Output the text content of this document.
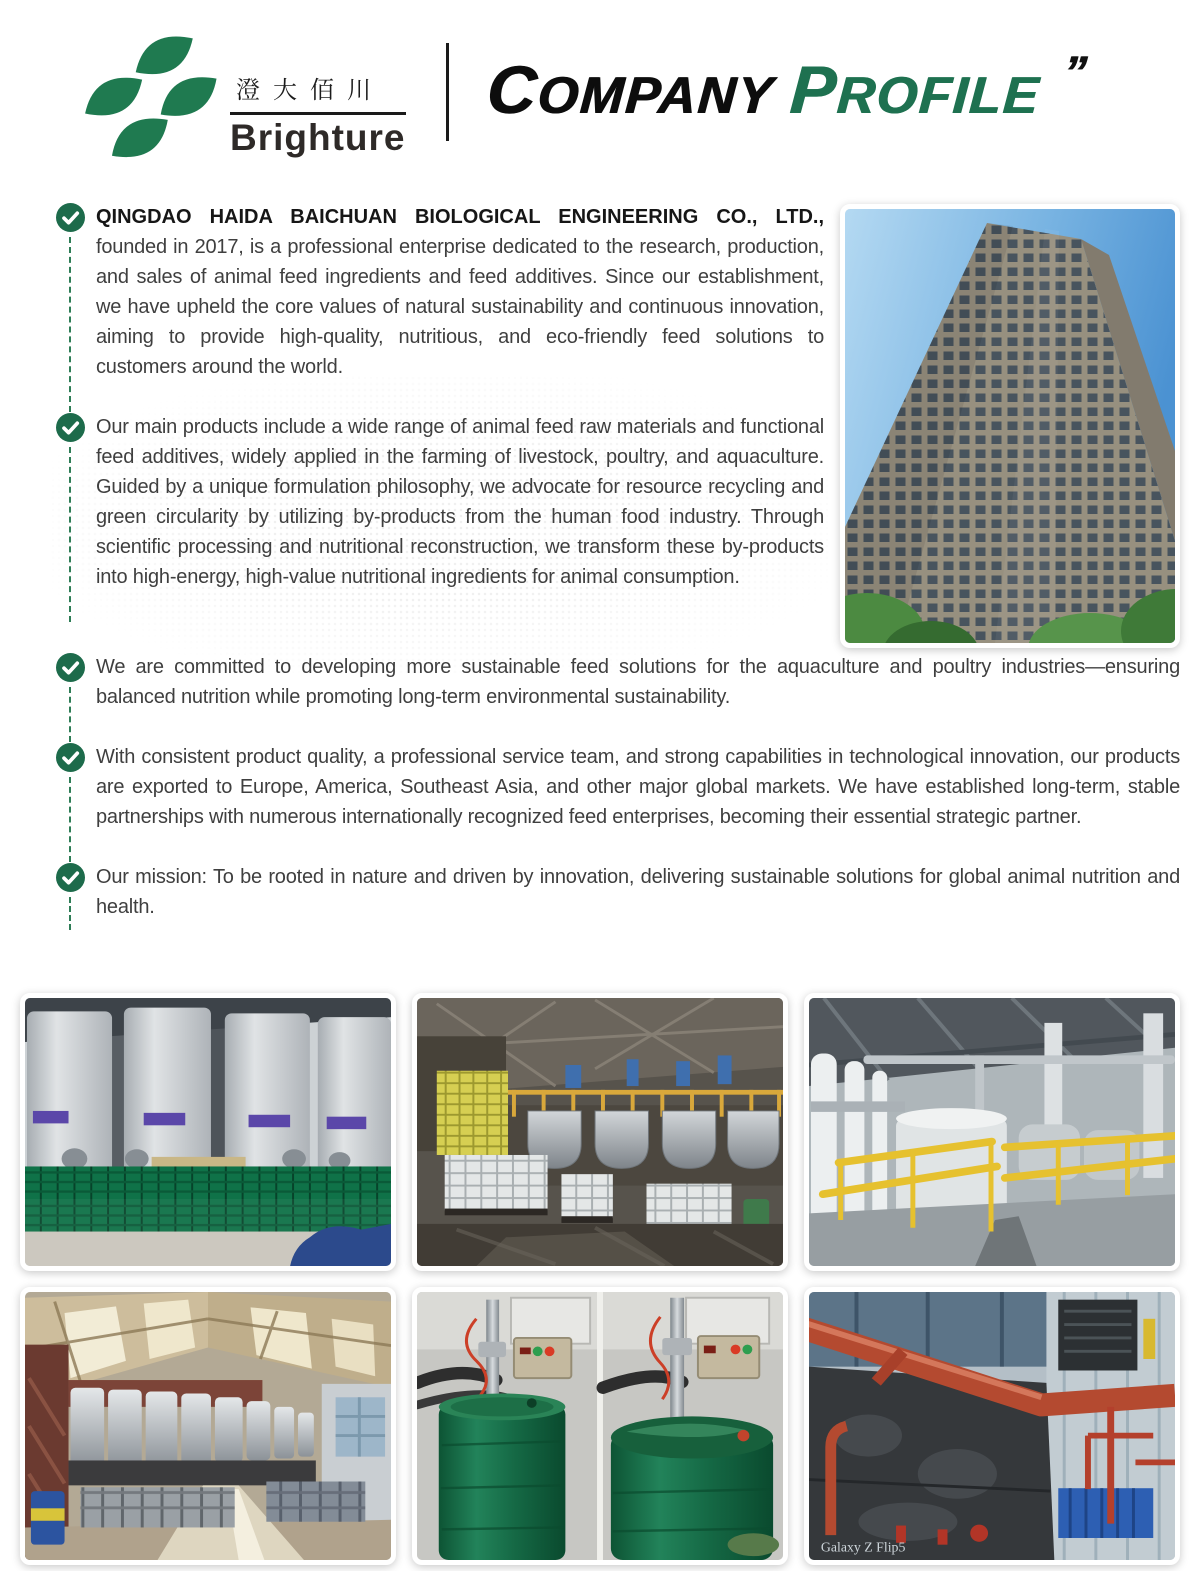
澄大佰川
Brighture
COMPANY PROFILE ”

QINGDAO HAIDA BAICHUAN BIOLOGICAL ENGINEERING CO., LTD., founded in 2017, is a professional enterprise dedicated to the research, production, and sales of animal feed ingredients and feed additives. Since our establishment, we have upheld the core values of natural sustainability and continuous innovation, aiming to provide high-quality, nutritious, and eco-friendly feed solutions to customers around the world.

Our main products include a wide range of animal feed raw materials and functional feed additives, widely applied in the farming of livestock, poultry, and aquaculture. Guided by a unique formulation philosophy, we advocate for resource recycling and green circularity by utilizing by-products from the human food industry. Through scientific processing and nutritional reconstruction, we transform these by-products into high-energy, high-value nutritional ingredients for animal consumption.

We are committed to developing more sustainable feed solutions for the aquaculture and poultry industries—ensuring balanced nutrition while promoting long-term environmental sustainability.

With consistent product quality, a professional service team, and strong capabilities in technological innovation, our products are exported to Europe, America, Southeast Asia, and other major global markets. We have established long-term, stable partnerships with numerous internationally recognized feed enterprises, becoming their essential strategic partner.

Our mission: To be rooted in nature and driven by innovation, delivering sustainable solutions for global animal nutrition and health.

Galaxy Z Flip5
